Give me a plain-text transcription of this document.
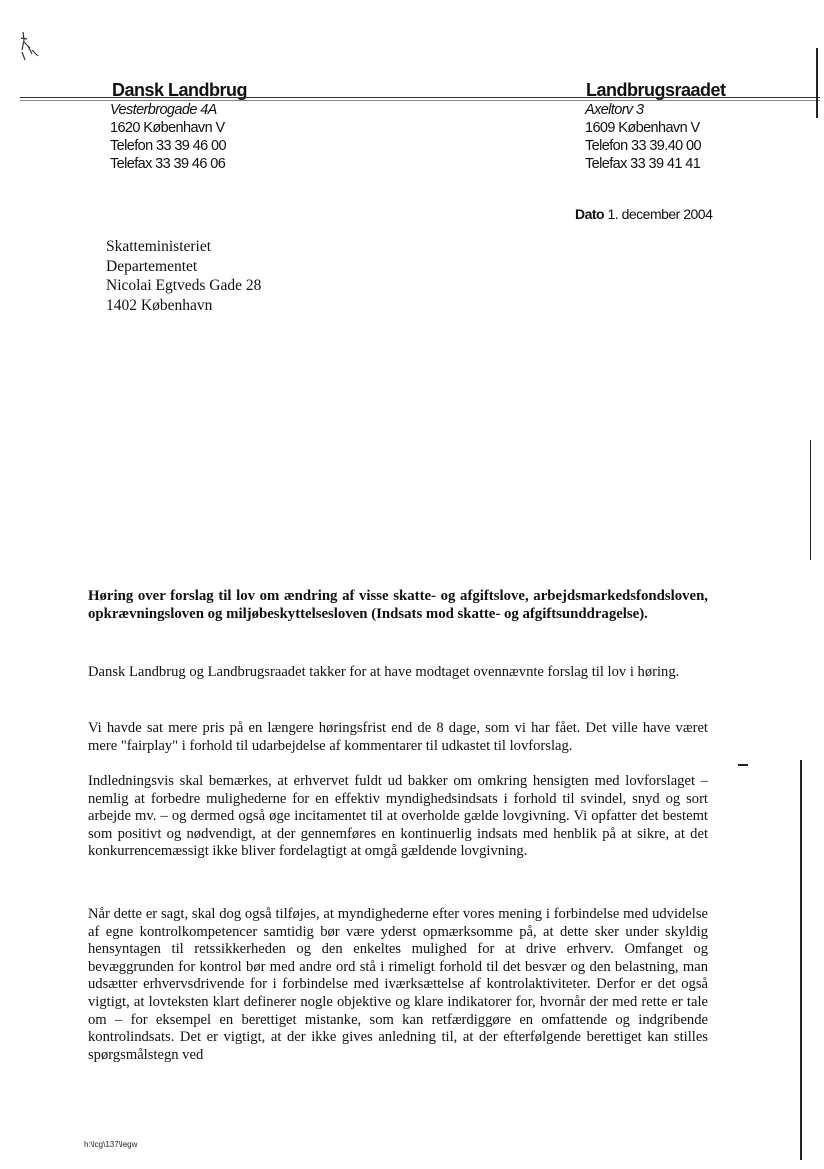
Dansk Landbrug
Vesterbrogade 4A
1620 København V
Telefon 33 39 46 00
Telefax 33 39 46 06
Landbrugsraadet
Axeltorv 3
1609 København V
Telefon 33 39.40 00
Telefax 33 39 41 41
Dato 1. december 2004
Skatteministeriet
Departementet
Nicolai Egtveds Gade 28
1402 København
Høring over forslag til lov om ændring af visse skatte- og afgiftslove, arbejdsmarkedsfondsloven, opkrævningsloven og miljøbeskyttelsesloven (Indsats mod skatte- og afgiftsunddragelse).
Dansk Landbrug og Landbrugsraadet takker for at have modtaget ovennævnte forslag til lov i høring.
Vi havde sat mere pris på en længere høringsfrist end de 8 dage, som vi har fået. Det ville have været mere "fairplay" i forhold til udarbejdelse af kommentarer til udkastet til lovforslag.
Indledningsvis skal bemærkes, at erhvervet fuldt ud bakker om omkring hensigten med lovforslaget – nemlig at forbedre mulighederne for en effektiv myndighedsindsats i forhold til svindel, snyd og sort arbejde mv. – og dermed også øge incitamentet til at overholde gælde lovgivning. Vi opfatter det bestemt som positivt og nødvendigt, at der gennemføres en kontinuerlig indsats med henblik på at sikre, at det konkurrencemæssigt ikke bliver fordelagtigt at omgå gældende lovgivning.
Når dette er sagt, skal dog også tilføjes, at myndighederne efter vores mening i forbindelse med udvidelse af egne kontrolkompetencer samtidig bør være yderst opmærksomme på, at dette sker under skyldig hensyntagen til retssikkerheden og den enkeltes mulighed for at drive erhverv. Omfanget og bevæggrunden for kontrol bør med andre ord stå i rimeligt forhold til det besvær og den belastning, man udsætter erhvervsdrivende for i forbindelse med iværksættelse af kontrolaktiviteter. Derfor er det også vigtigt, at lovteksten klart definerer nogle objektive og klare indikatorer for, hvornår der med rette er tale om – for eksempel en berettiget mistanke, som kan retfærdiggøre en omfattende og indgribende kontrolindsats. Det er vigtigt, at der ikke gives anledning til, at der efterfølgende berettiget kan stilles spørgsmålstegn ved
h:\lcg\137\legw
